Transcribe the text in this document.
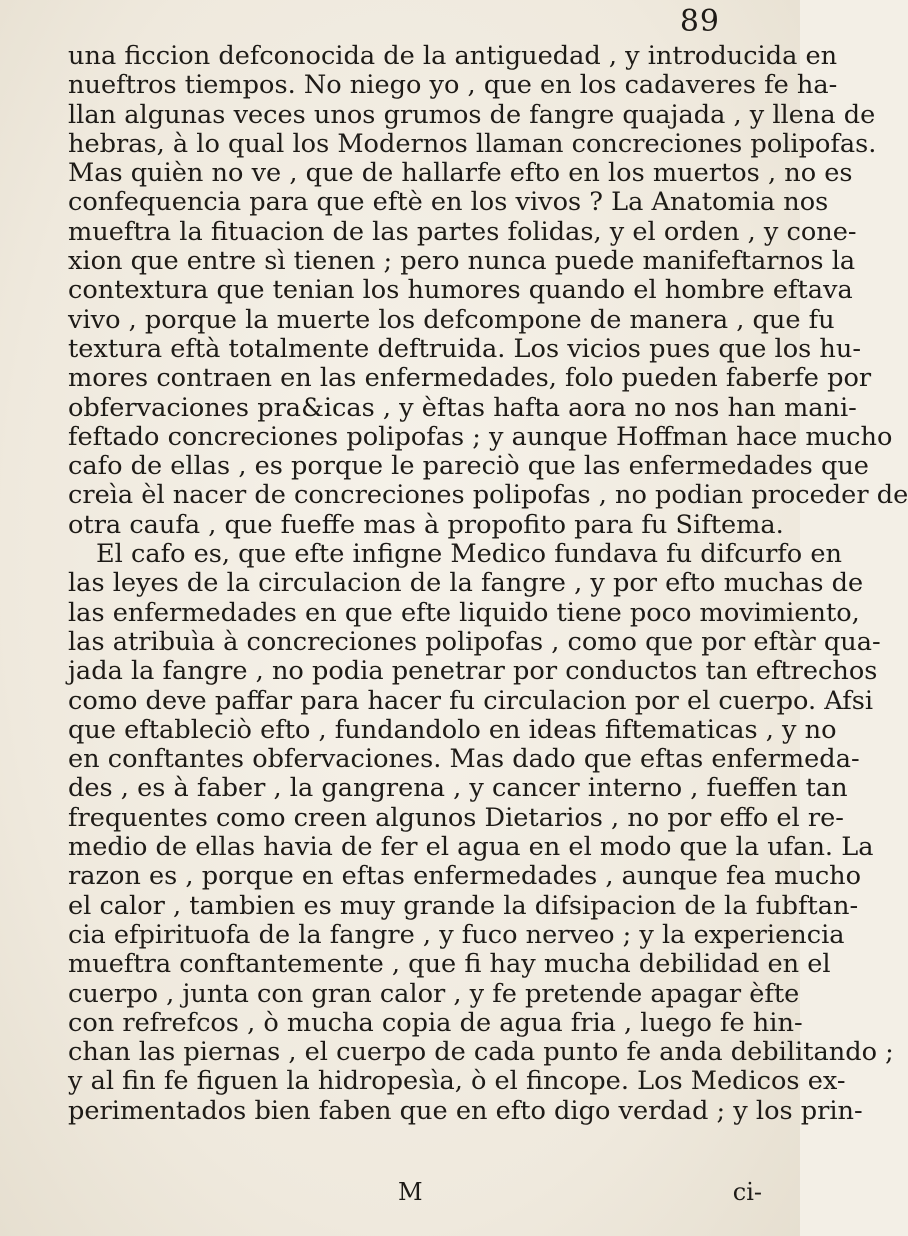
89
una ficcion defconocida de la antiguedad , y introducida en
nueftros tiempos. No niego yo , que en los cadaveres fe ha-
llan algunas veces unos grumos de fangre quajada , y llena de
hebras, à lo qual los Modernos llaman concreciones polipofas.
Mas quièn no ve , que de hallarfe efto en los muertos , no es
confequencia para que eftè en los vivos ? La Anatomia nos
mueftra la fituacion de las partes folidas, y el orden , y cone-
xion que entre sì tienen ; pero nunca puede manifeftarnos la
contextura que tenian los humores quando el hombre eftava
vivo , porque la muerte los defcompone de manera , que fu
textura eftà totalmente deftruida. Los vicios pues que los hu-
mores contraen en las enfermedades, folo pueden faberfe por
obfervaciones pra&icas , y èftas hafta aora no nos han mani-
feftado concreciones polipofas ; y aunque Hoffman hace mucho
cafo de ellas , es porque le pareciò que las enfermedades que
creìa èl nacer de concreciones polipofas , no podian proceder de
otra caufa , que fueffe mas à propofito para fu Siftema.
El cafo es, que efte infigne Medico fundava fu difcurfo en
las leyes de la circulacion de la fangre , y por efto muchas de
las enfermedades en que efte liquido tiene poco movimiento,
las atribuìa à concreciones polipofas , como que por eftàr qua-
jada la fangre , no podia penetrar por conductos tan eftrechos
como deve paffar para hacer fu circulacion por el cuerpo. Afsi
que eftableciò efto , fundandolo en ideas fiftematicas , y no
en conftantes obfervaciones. Mas dado que eftas enfermeda-
des , es à faber , la gangrena , y cancer interno , fueffen tan
frequentes como creen algunos Dietarios , no por effo el re-
medio de ellas havia de fer el agua en el modo que la ufan. La
razon es , porque en eftas enfermedades , aunque fea mucho
el calor , tambien es muy grande la difsipacion de la fubftan-
cia efpirituofa de la fangre , y fuco nerveo ; y la experiencia
mueftra conftantemente , que fi hay mucha debilidad en el
cuerpo , junta con gran calor , y fe pretende apagar èfte
con refrefcos , ò mucha copia de agua fria , luego fe hin-
chan las piernas , el cuerpo de cada punto fe anda debilitando ;
y al fin fe figuen la hidropesìa, ò el fincope. Los Medicos ex-
perimentados bien faben que en efto digo verdad ; y los prin-
M	ci-
